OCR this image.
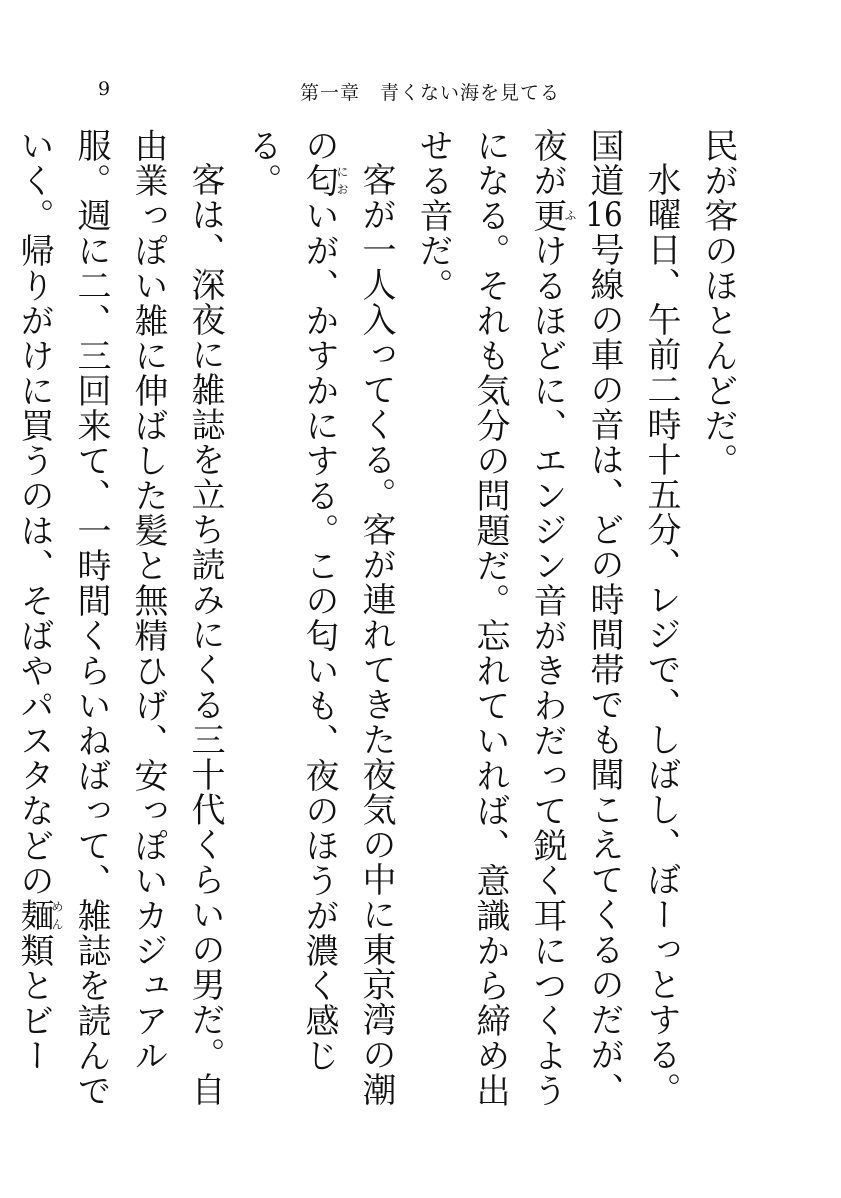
9	第一章　青くない海を見てる

民が客のほとんどだ。

水曜日、午前二時十五分、レジで、しばし、ぼーっとする。国道16号線の車の音は、どの時間帯でも聞こえてくるのだが、夜が更ふけるほどに、エンジン音がきわだって鋭く耳につくようになる。それも気分の問題だ。忘れていれば、意識から締め出せる音だ。

客が一人入ってくる。客が連れてきた夜気の中に東京湾の潮の匂においが、かすかにする。この匂いも、夜のほうが濃く感じる。

客は、深夜に雑誌を立ち読みにくる三十代くらいの男だ。自由業っぽい雑に伸ばした髪と無精ひげ、安っぽいカジュアル服。週に二、三回来て、一時間くらいねばって、雑誌を読んでいく。帰りがけに買うのは、そばやパスタなどの麺めん類とビー
